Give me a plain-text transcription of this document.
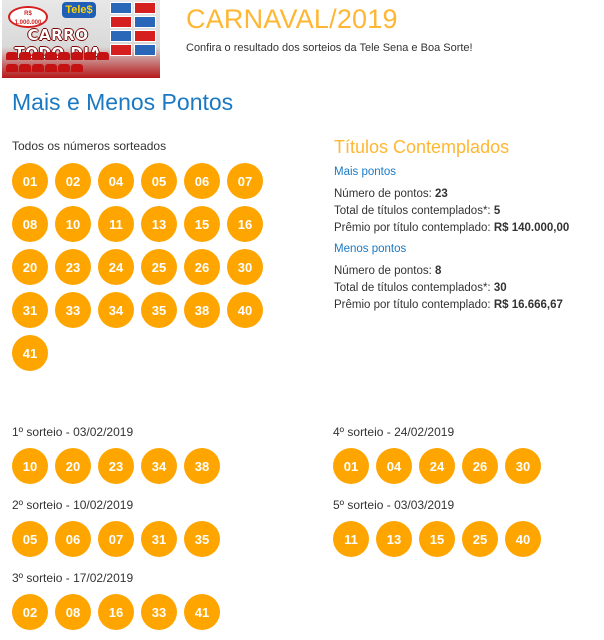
R$ 1.000.000
Tele$
CARRO
CARNAVAL/2019
Confira o resultado dos sorteios da Tele Sena e Boa Sorte!
Mais e Menos Pontos
Todos os números sorteados
01	02	04	05	06	07
08	10	11	13	15	16
20	23	24	25	26	30
31	33	34	35	38	40
41
Títulos Contemplados
Mais pontos
Número de pontos: 23
Total de títulos contemplados*: 5
Prêmio por título contemplado: R$ 140.000,00
Menos pontos
Número de pontos: 8
Total de títulos contemplados*: 30
Prêmio por título contemplado: R$ 16.666,67
1º sorteio - 03/02/2019
10	20	23	34	38
2º sorteio - 10/02/2019
05	06	07	31	35
3º sorteio - 17/02/2019
02	08	16	33	41
4º sorteio - 24/02/2019
01	04	24	26	30
5º sorteio - 03/03/2019
11	13	15	25	40
